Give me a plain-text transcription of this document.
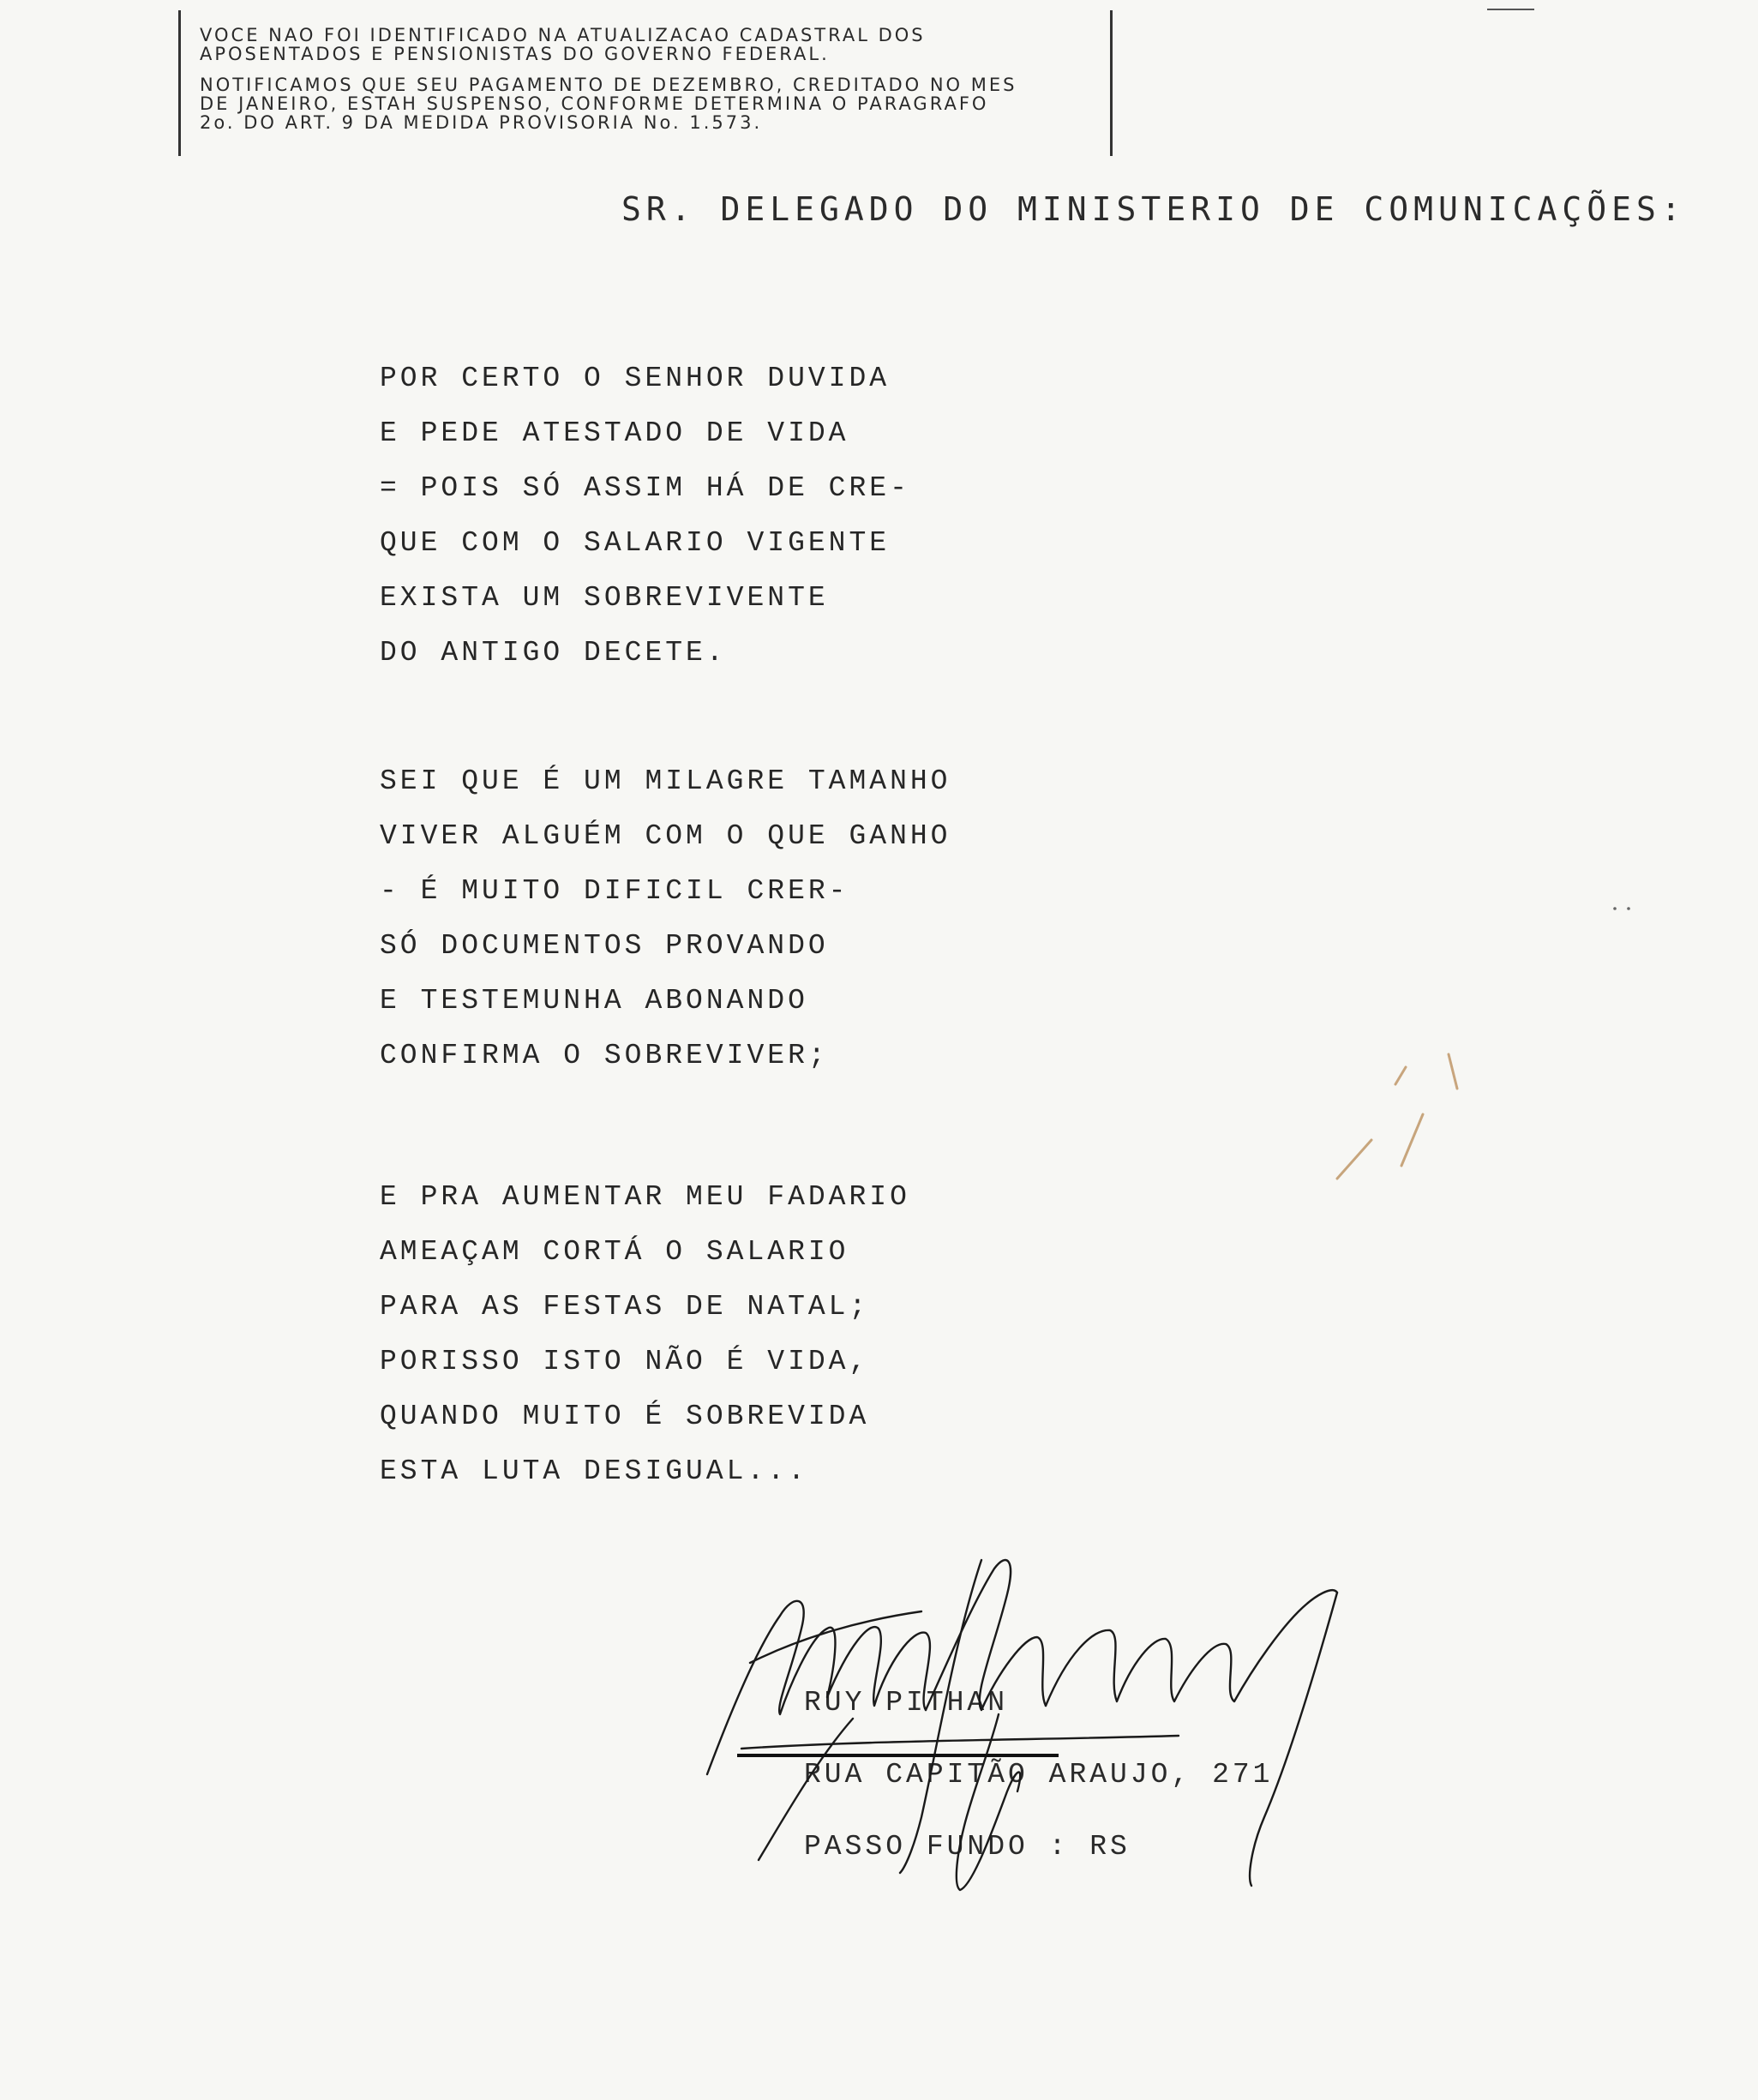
VOCE NAO FOI IDENTIFICADO NA ATUALIZACAO CADASTRAL DOS
APOSENTADOS E PENSIONISTAS DO GOVERNO FEDERAL.

NOTIFICAMOS QUE SEU PAGAMENTO DE DEZEMBRO, CREDITADO NO MES
DE JANEIRO, ESTAH SUSPENSO, CONFORME DETERMINA O PARAGRAFO
2o. DO ART. 9 DA MEDIDA PROVISORIA No. 1.573.

SR. DELEGADO DO MINISTERIO DE COMUNICAÇÕES:
POR CERTO O SENHOR DUVIDA
E PEDE ATESTADO DE VIDA
= POIS SÓ ASSIM HÁ DE CRE-
QUE COM O SALARIO VIGENTE
EXISTA UM SOBREVIVENTE
DO ANTIGO DECETE.
SEI QUE É UM MILAGRE TAMANHO
VIVER ALGUÉM COM O QUE GANHO
- É MUITO DIFICIL CRER-
SÓ DOCUMENTOS PROVANDO
E TESTEMUNHA ABONANDO
CONFIRMA O SOBREVIVER;
E PRA AUMENTAR MEU FADARIO
AMEAÇAM CORTÁ O SALARIO
PARA AS FESTAS DE NATAL;
PORISSO ISTO NÃO É VIDA,
QUANDO MUITO É SOBREVIDA
ESTA LUTA DESIGUAL...
RUY PITHAN
RUA CAPITÃO ARAUJO, 271
PASSO FUNDO : RS
